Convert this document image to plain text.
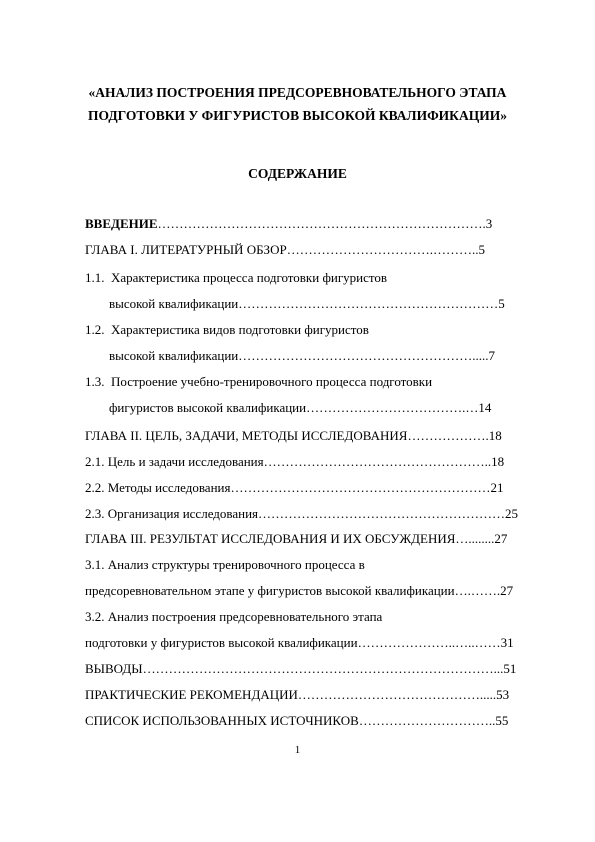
«АНАЛИЗ ПОСТРОЕНИЯ ПРЕДСОРЕВНОВАТЕЛЬНОГО ЭТАПА
ПОДГОТОВКИ У ФИГУРИСТОВ ВЫСОКОЙ КВАЛИФИКАЦИИ»
СОДЕРЖАНИЕ
ВВЕДЕНИЕ………………………………………………………………….3
ГЛАВА I. ЛИТЕРАТУРНЫЙ ОБЗОР…………………………….………..5
1.1.  Характеристика процесса подготовки фигуристов
высокой квалификации……………………………………………………5
1.2.  Характеристика видов подготовки фигуристов
высокой квалификации……………………………………………….....7
1.3.  Построение учебно-тренировочного процесса подготовки
фигуристов высокой квалификации……………………………….…14
ГЛАВА II. ЦЕЛЬ, ЗАДАЧИ, МЕТОДЫ ИССЛЕДОВАНИЯ……………….18
2.1. Цель и задачи исследования……………………………………………..18
2.2. Методы исследования……………………………………………………21
2.3. Организация исследования…………………………………………………25
ГЛАВА III. РЕЗУЛЬТАТ ИССЛЕДОВАНИЯ И ИХ ОБСУЖДЕНИЯ…........27
3.1. Анализ структуры тренировочного процесса в
предсоревновательном этапе у фигуристов высокой квалификации….…….27
3.2. Анализ построения предсоревновательного этапа
подготовки у фигуристов высокой квалификации…………………..…..……31
ВЫВОДЫ………………………………………………………………………...51
ПРАКТИЧЕСКИЕ РЕКОМЕНДАЦИИ…………………………………….....53
СПИСОК ИСПОЛЬЗОВАННЫХ ИСТОЧНИКОВ…………………………..55
1
